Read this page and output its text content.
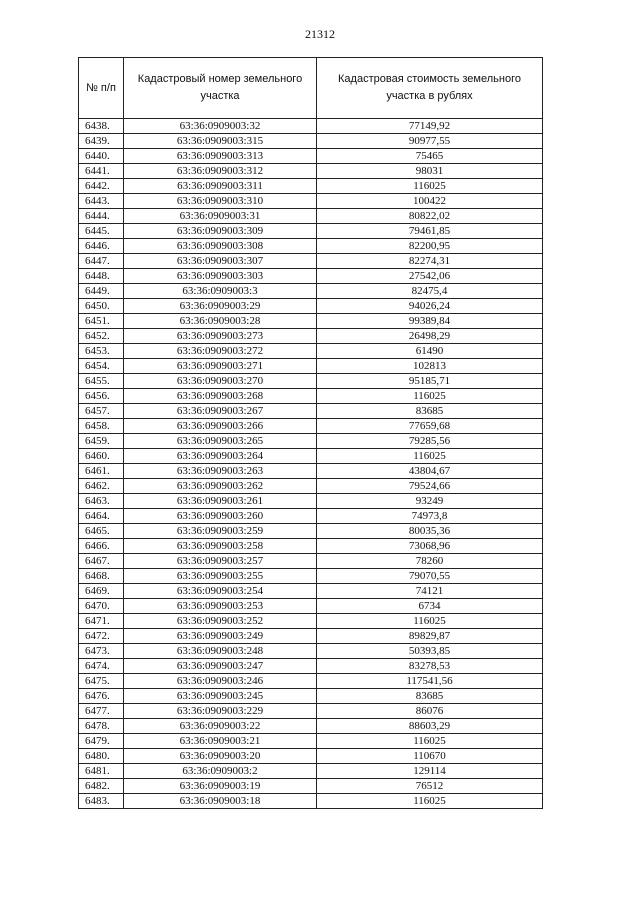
21312
№ п/п	Кадастровый номер земельного участка	Кадастровая стоимость земельного участка в рублях
6438.	63:36:0909003:32	77149,92
6439.	63:36:0909003:315	90977,55
6440.	63:36:0909003:313	75465
6441.	63:36:0909003:312	98031
6442.	63:36:0909003:311	116025
6443.	63:36:0909003:310	100422
6444.	63:36:0909003:31	80822,02
6445.	63:36:0909003:309	79461,85
6446.	63:36:0909003:308	82200,95
6447.	63:36:0909003:307	82274,31
6448.	63:36:0909003:303	27542,06
6449.	63:36:0909003:3	82475,4
6450.	63:36:0909003:29	94026,24
6451.	63:36:0909003:28	99389,84
6452.	63:36:0909003:273	26498,29
6453.	63:36:0909003:272	61490
6454.	63:36:0909003:271	102813
6455.	63:36:0909003:270	95185,71
6456.	63:36:0909003:268	116025
6457.	63:36:0909003:267	83685
6458.	63:36:0909003:266	77659,68
6459.	63:36:0909003:265	79285,56
6460.	63:36:0909003:264	116025
6461.	63:36:0909003:263	43804,67
6462.	63:36:0909003:262	79524,66
6463.	63:36:0909003:261	93249
6464.	63:36:0909003:260	74973,8
6465.	63:36:0909003:259	80035,36
6466.	63:36:0909003:258	73068,96
6467.	63:36:0909003:257	78260
6468.	63:36:0909003:255	79070,55
6469.	63:36:0909003:254	74121
6470.	63:36:0909003:253	6734
6471.	63:36:0909003:252	116025
6472.	63:36:0909003:249	89829,87
6473.	63:36:0909003:248	50393,85
6474.	63:36:0909003:247	83278,53
6475.	63:36:0909003:246	117541,56
6476.	63:36:0909003:245	83685
6477.	63:36:0909003:229	86076
6478.	63:36:0909003:22	88603,29
6479.	63:36:0909003:21	116025
6480.	63:36:0909003:20	110670
6481.	63:36:0909003:2	129114
6482.	63:36:0909003:19	76512
6483.	63:36:0909003:18	116025
